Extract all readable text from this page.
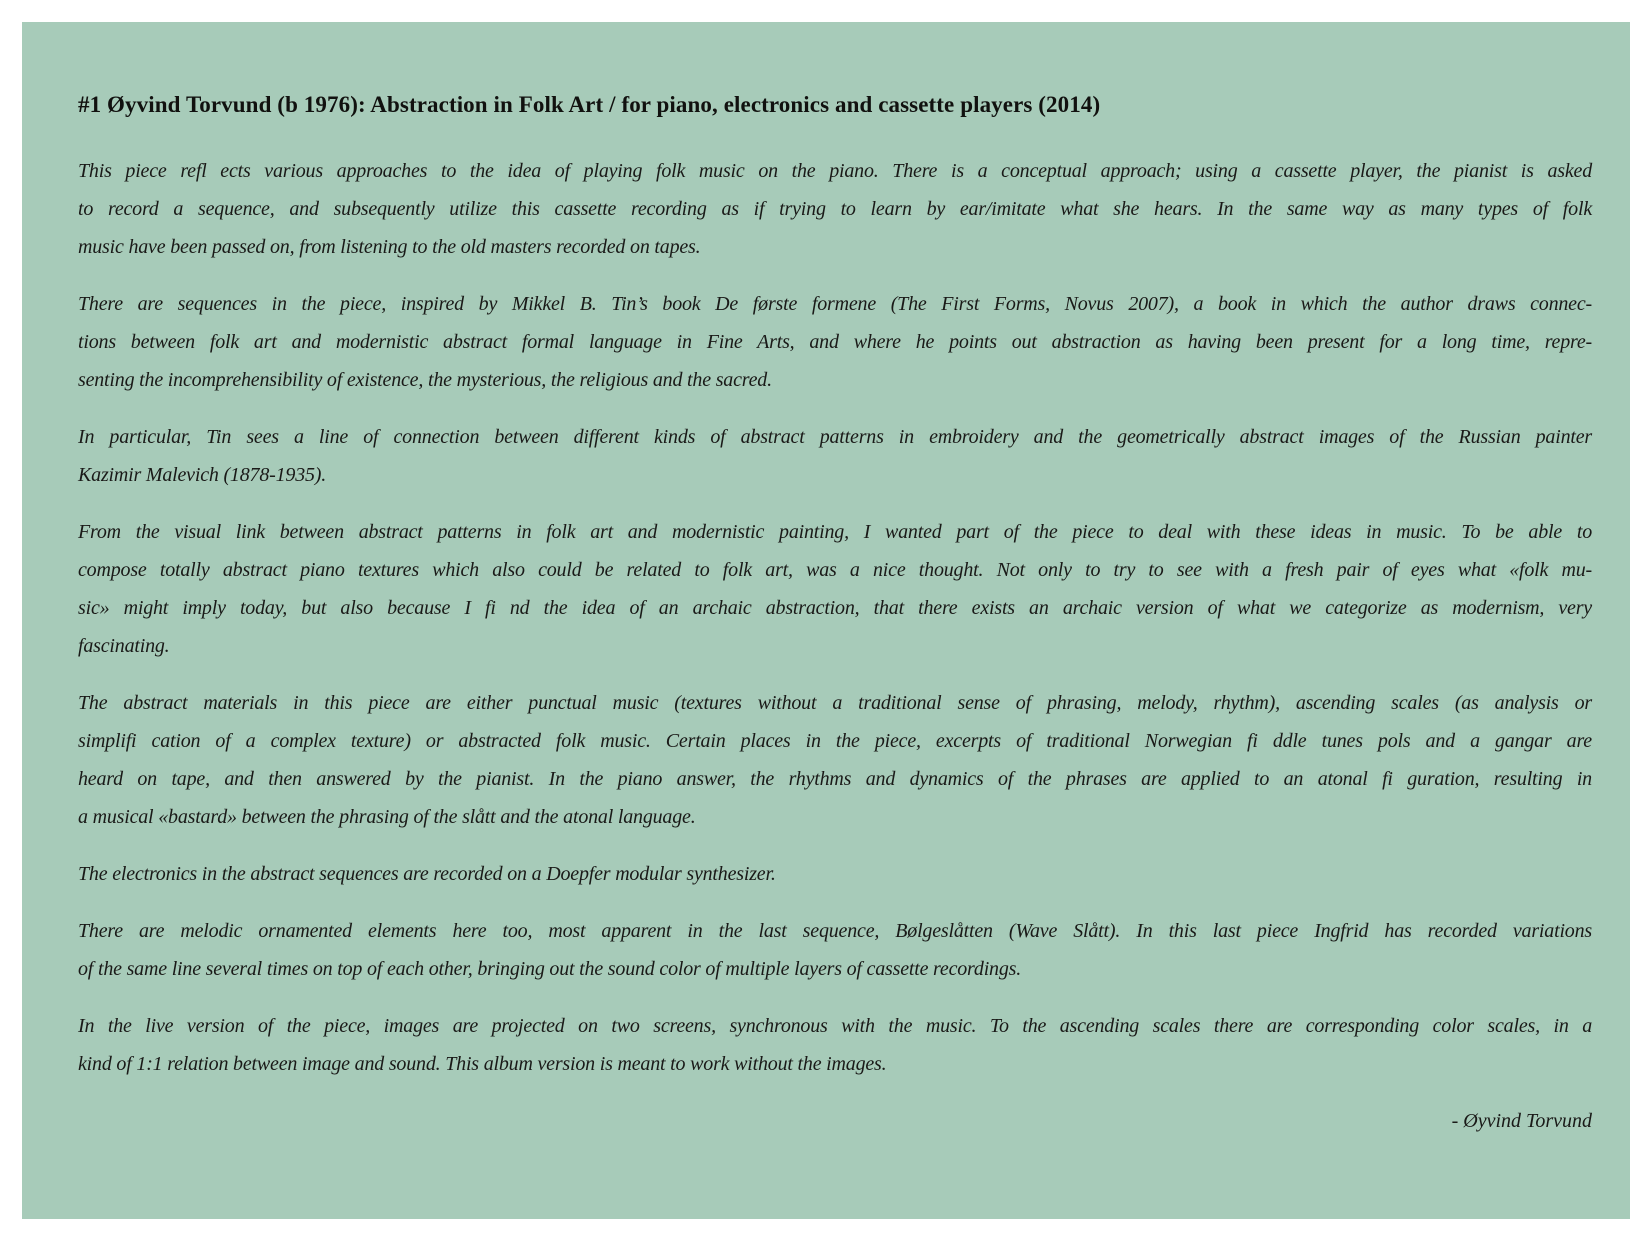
#1 Øyvind Torvund (b 1976): Abstraction in Folk Art / for piano, electronics and cassette players (2014)
This piece refl ects various approaches to the idea of playing folk music on the piano. There is a conceptual approach; using a cassette player, the pianist is asked
to record a sequence, and subsequently utilize this cassette recording as if trying to learn by ear/imitate what she hears. In the same way as many types of folk
music have been passed on, from listening to the old masters recorded on tapes.
There are sequences in the piece, inspired by Mikkel B. Tin’s book De første formene (The First Forms, Novus 2007), a book in which the author draws connec-
tions between folk art and modernistic abstract formal language in Fine Arts, and where he points out abstraction as having been present for a long time, repre-
senting the incomprehensibility of existence, the mysterious, the religious and the sacred.
In particular, Tin sees a line of connection between different kinds of abstract patterns in embroidery and the geometrically abstract images of the Russian painter
Kazimir Malevich (1878-1935).
From the visual link between abstract patterns in folk art and modernistic painting, I wanted part of the piece to deal with these ideas in music. To be able to
compose totally abstract piano textures which also could be related to folk art, was a nice thought. Not only to try to see with a fresh pair of eyes what «folk mu-
sic» might imply today, but also because I fi nd the idea of an archaic abstraction, that there exists an archaic version of what we categorize as modernism, very
fascinating.
The abstract materials in this piece are either punctual music (textures without a traditional sense of phrasing, melody, rhythm), ascending scales (as analysis or
simplifi cation of a complex texture) or abstracted folk music. Certain places in the piece, excerpts of traditional Norwegian fi ddle tunes pols and a gangar are
heard on tape, and then answered by the pianist. In the piano answer, the rhythms and dynamics of the phrases are applied to an atonal fi guration, resulting in
a musical «bastard» between the phrasing of the slått and the atonal language.
The electronics in the abstract sequences are recorded on a Doepfer modular synthesizer.
There are melodic ornamented elements here too, most apparent in the last sequence, Bølgeslåtten (Wave Slått). In this last piece Ingfrid has recorded variations
of the same line several times on top of each other, bringing out the sound color of multiple layers of cassette recordings.
In the live version of the piece, images are projected on two screens, synchronous with the music. To the ascending scales there are corresponding color scales, in a
kind of 1:1 relation between image and sound. This album version is meant to work without the images.
- Øyvind Torvund
